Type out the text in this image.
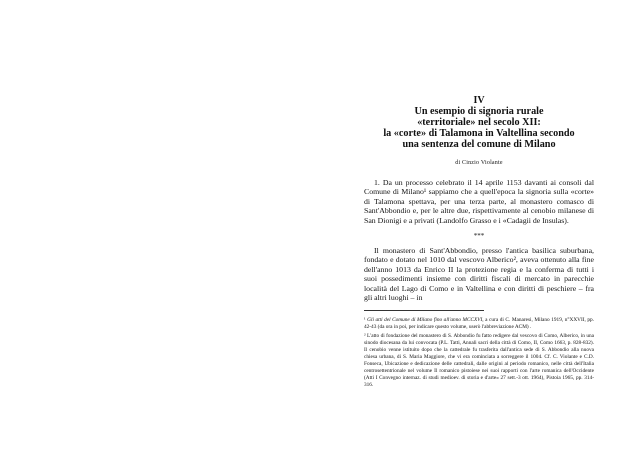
IV

Un esempio di signoria rurale

«territoriale» nel secolo XII:

la «corte» di Talamona in Valtellina secondo

una sentenza del comune di Milano

di Cinzio Violante

1. Da un processo celebrato il 14 aprile 1153 davanti ai consoli dal Comune di Milano¹ sappiamo che a quell'epoca la signoria sulla «corte» di Talamona spettava, per una terza parte, al monastero comasco di Sant'Abbondio e, per le altre due, rispettivamente al cenobio milanese di San Dionigi e a privati (Landolfo Grasso e i «Cadagii de Insulas).

***

Il monastero di Sant'Abbondio, presso l'antica basilica suburbana, fondato e dotato nel 1010 dal vescovo Alberico², aveva ottenuto alla fine dell'anno 1013 da Enrico II la protezione regia e la conferma di tutti i suoi possedimenti insieme con diritti fiscali di mercato in parecchie località del Lago di Como e in Valtellina e con diritti di peschiere – fra gli altri luoghi – in

¹ Gli atti del Comune di Milano fino all'anno MCCXVI, a cura di C. Manaresi, Milano 1919, n°XXVII, pp. 42-43 (da ora in poi, per indicare questo volume, userò l'abbreviazione ACM) .

² L'atto di fondazione del monastero di S. Abbondio fu fatto redigere dal vescovo di Como, Alberico, in una sinodo diocesana da lui convocata (P.L. Tatti, Annali sacri della città di Como, II, Como 1663, p. 828-832). Il cenobio venne istituito dopo che la cattedrale fu trasferita dall'antica sede di S. Abbondio alla nuova chiesa urbana, di S. Maria Maggiore, che vi era cominciata a sorreggere il 1004. Cf. C. Violante e C.D. Fonseca, Ubicazione e dedicazione delle cattedrali, dalle origini al periodo romanico, nelle città dell'Italia centrosettentrionale nel volume Il romanico pistoiese nei suoi rapporti con l'arte romanica dell'Occidente (Atti I Convegno internaz. di studi medioev. di storia e d'arte» 27 sett.-3 ott. 1964), Pistoia 1965, pp. 314-316.
